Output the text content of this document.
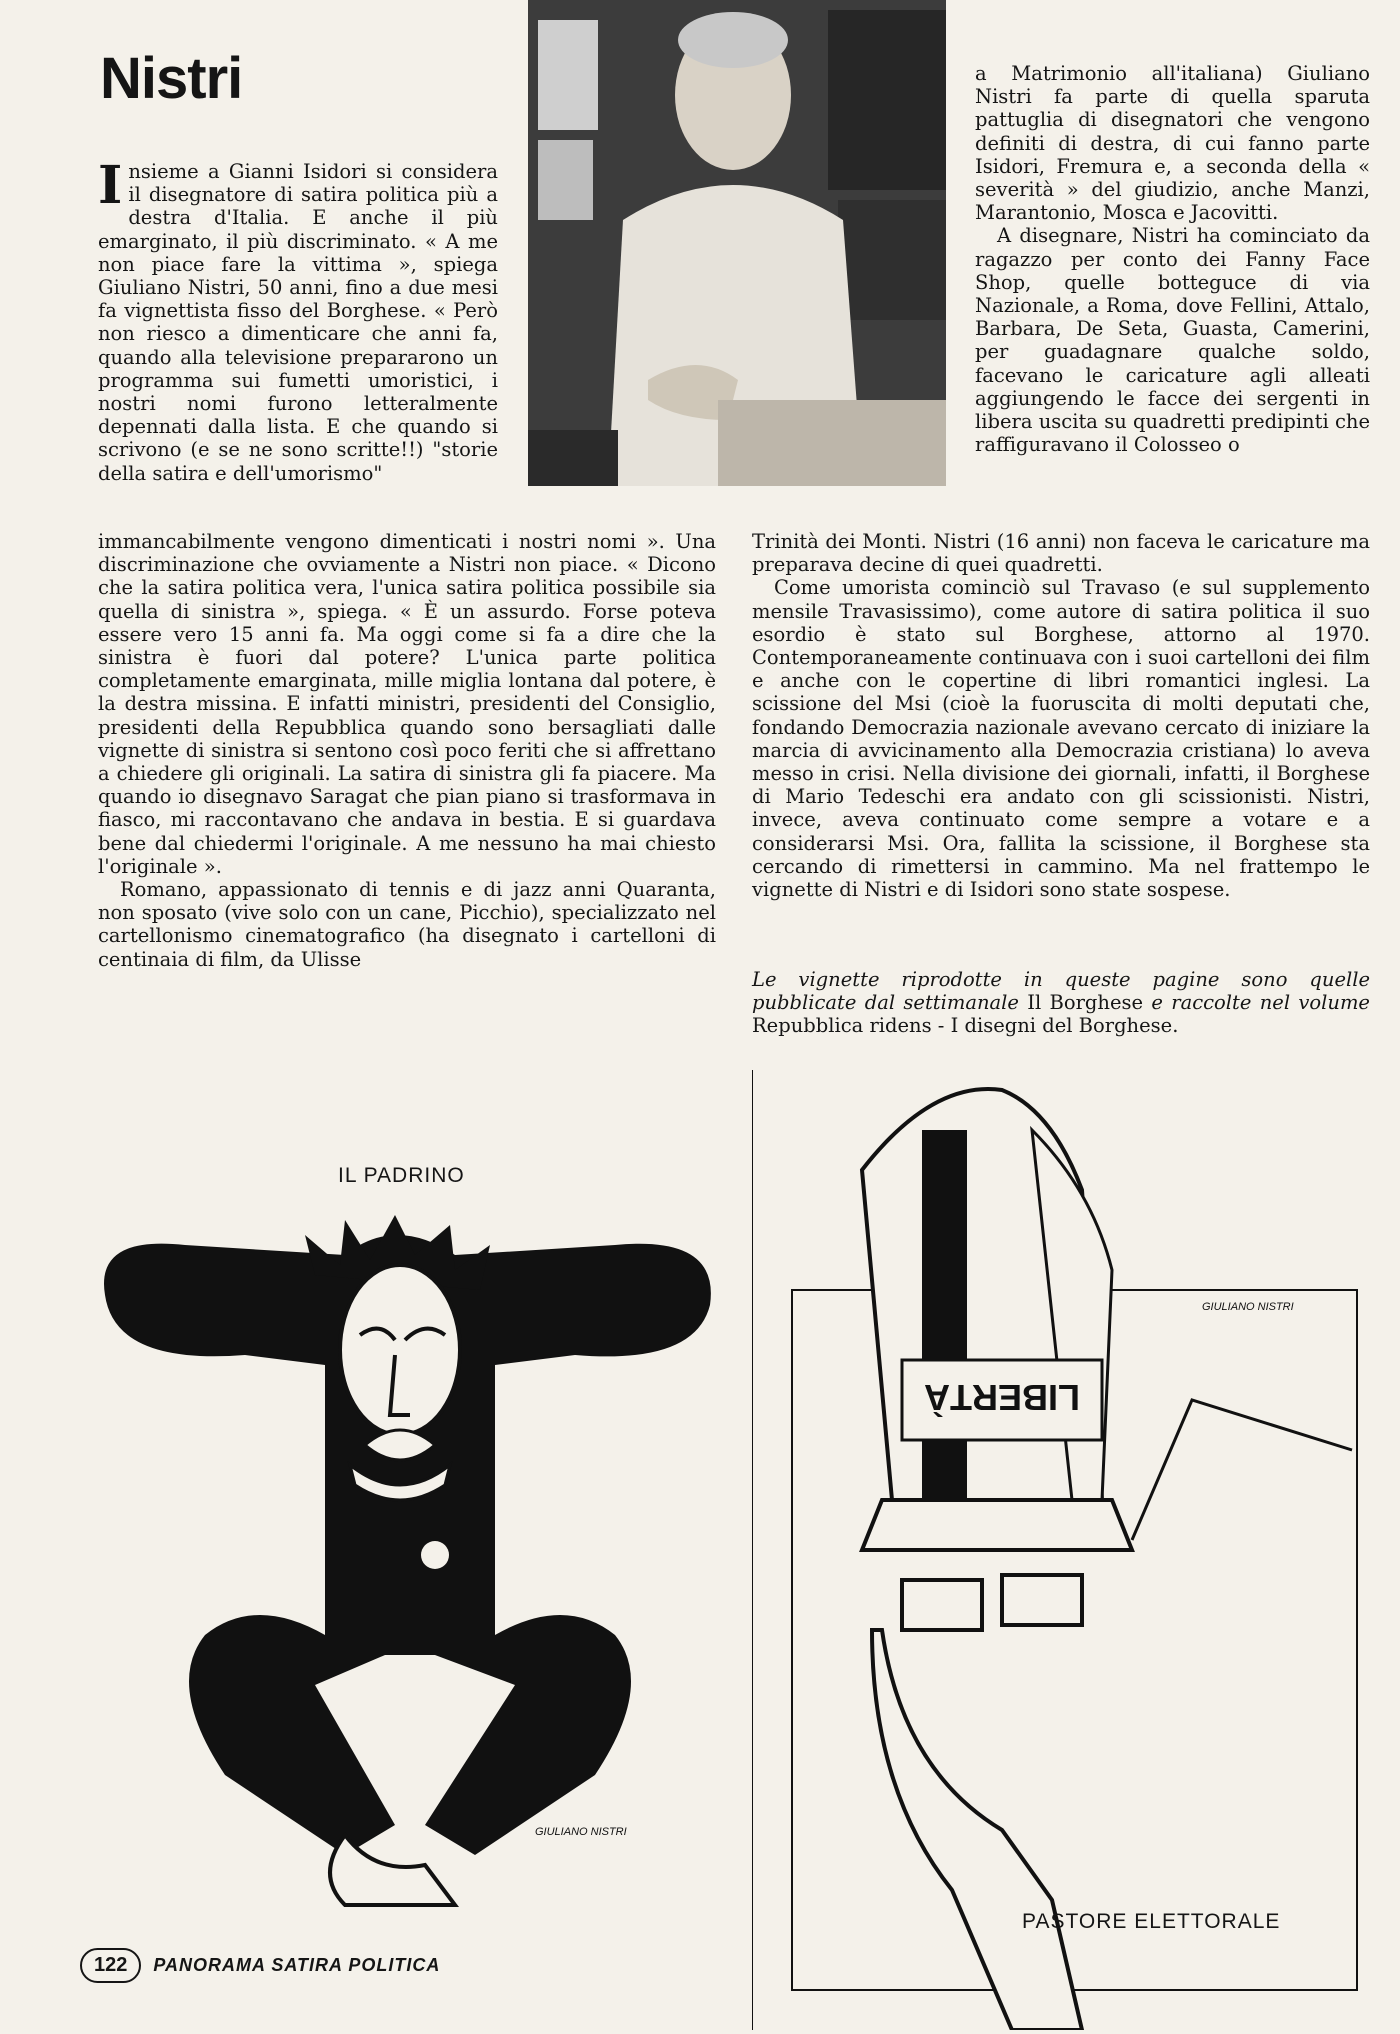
Nistri
I nsieme a Gianni Isidori si considera il disegnatore di satira politica più a destra d'Italia. E anche il più emarginato, il più discriminato. « A me non piace fare la vittima », spiega Giuliano Nistri, 50 anni, fino a due mesi fa vignettista fisso del Borghese. « Però non riesco a dimenticare che anni fa, quando alla televisione prepararono un programma sui fumetti umoristici, i nostri nomi furono letteralmente depennati dalla lista. E che quando si scrivono (e se ne sono scritte!!) "storie della satira e dell'umorismo"

immancabilmente vengono dimenticati i nostri nomi ». Una discriminazione che ovviamente a Nistri non piace. « Dicono che la satira politica vera, l'unica satira politica possibile sia quella di sinistra », spiega. « È un assurdo. Forse poteva essere vero 15 anni fa. Ma oggi come si fa a dire che la sinistra è fuori dal potere? L'unica parte politica completamente emarginata, mille miglia lontana dal potere, è la destra missina. E infatti ministri, presidenti del Consiglio, presidenti della Repubblica quando sono bersagliati dalle vignette di sinistra si sentono così poco feriti che si affrettano a chiedere gli originali. La satira di sinistra gli fa piacere. Ma quando io disegnavo Saragat che pian piano si trasformava in fiasco, mi raccontavano che andava in bestia. E si guardava bene dal chiedermi l'originale. A me nessuno ha mai chiesto l'originale ».

Romano, appassionato di tennis e di jazz anni Quaranta, non sposato (vive solo con un cane, Picchio), specializzato nel cartellonismo cinematografico (ha disegnato i cartelloni di centinaia di film, da Ulisse

a Matrimonio all'italiana) Giuliano Nistri fa parte di quella sparuta pattuglia di disegnatori che vengono definiti di destra, di cui fanno parte Isidori, Fremura e, a seconda della « severità » del giudizio, anche Manzi, Marantonio, Mosca e Jacovitti.

A disegnare, Nistri ha cominciato da ragazzo per conto dei Fanny Face Shop, quelle botteguce di via Nazionale, a Roma, dove Fellini, Attalo, Barbara, De Seta, Guasta, Camerini, per guadagnare qualche soldo, facevano le caricature agli alleati aggiungendo le facce dei sergenti in libera uscita su quadretti predipinti che raffiguravano il Colosseo o

Trinità dei Monti. Nistri (16 anni) non faceva le caricature ma preparava decine di quei quadretti.

Come umorista cominciò sul Travaso (e sul supplemento mensile Travasissimo), come autore di satira politica il suo esordio è stato sul Borghese, attorno al 1970. Contemporaneamente continuava con i suoi cartelloni dei film e anche con le copertine di libri romantici inglesi. La scissione del Msi (cioè la fuoruscita di molti deputati che, fondando Democrazia nazionale avevano cercato di iniziare la marcia di avvicinamento alla Democrazia cristiana) lo aveva messo in crisi. Nella divisione dei giornali, infatti, il Borghese di Mario Tedeschi era andato con gli scissionisti. Nistri, invece, aveva continuato come sempre a votare e a considerarsi Msi. Ora, fallita la scissione, il Borghese sta cercando di rimettersi in cammino. Ma nel frattempo le vignette di Nistri e di Isidori sono state sospese.

Le vignette riprodotte in queste pagine sono quelle pubblicate dal settimanale Il Borghese e raccolte nel volume Repubblica ridens - I disegni del Borghese.
IL PADRINO
GIULIANO NISTRI
LIBERTÀ
GIULIANO NISTRI
PASTORE ELETTORALE
122	PANORAMA SATIRA POLITICA
